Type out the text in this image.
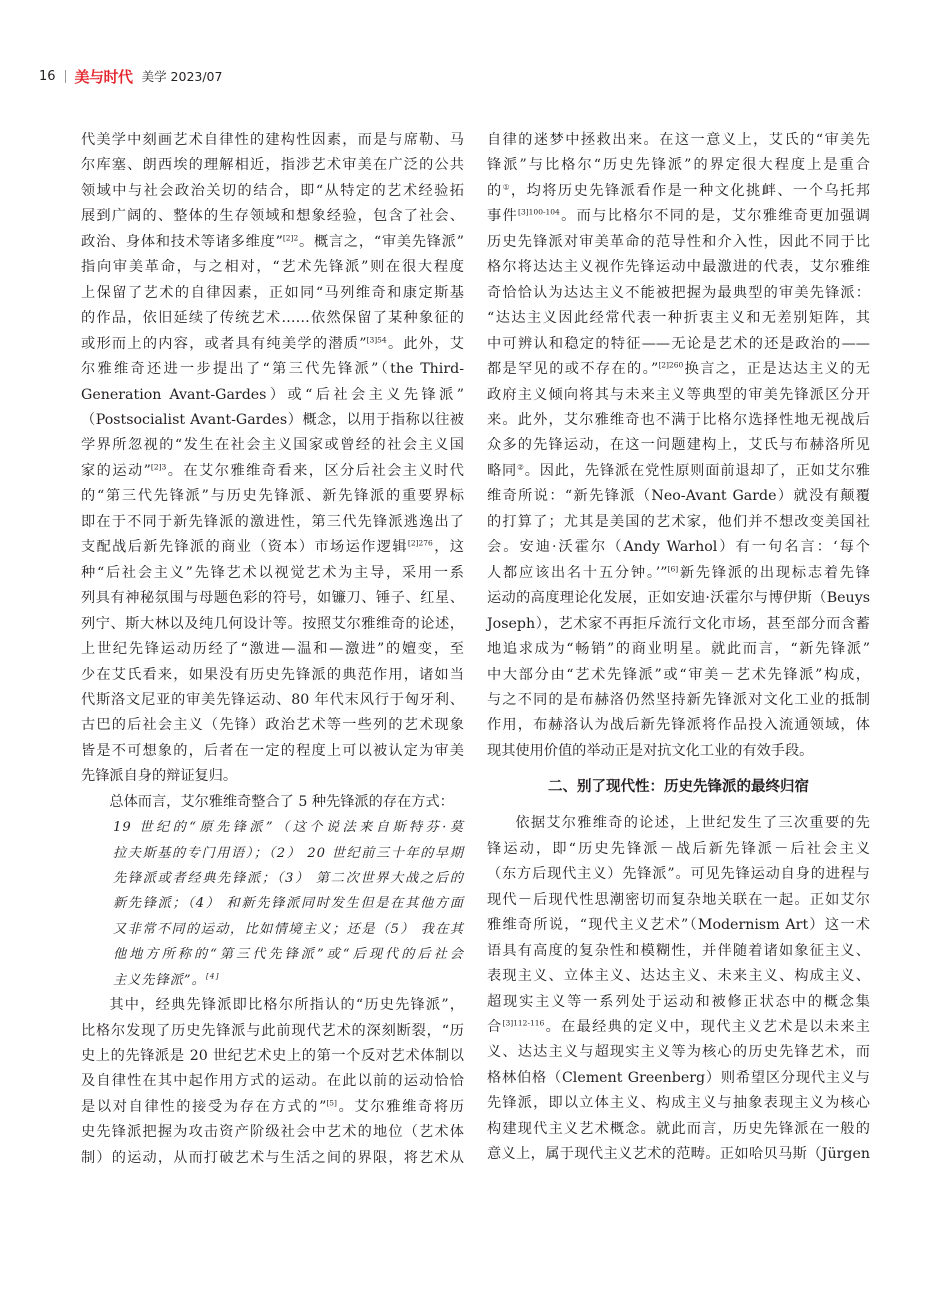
16 美与时代 美学 2023/07

代美学中刻画艺术自律性的建构性因素，而是与席勒、马

尔库塞、朗西埃的理解相近，指涉艺术审美在广泛的公共

领域中与社会政治关切的结合，即“从特定的艺术经验拓

展到广阔的、整体的生存领域和想象经验，包含了社会、

政治、身体和技术等诸多维度”$^{[2]2}$。概言之，“审美先锋派”

指向审美革命，与之相对，“艺术先锋派”则在很大程度

上保留了艺术的自律因素，正如同“马列维奇和康定斯基

的作品，依旧延续了传统艺术……依然保留了某种象征的

或形而上的内容，或者具有纯美学的潜质”$^{[3]54}$。此外，艾

尔雅维奇还进一步提出了“第三代先锋派”（the Third-

Generation Avant-Gardes）或“后社会主义先锋派”

（Postsocialist Avant-Gardes）概念，以用于指称以往被

学界所忽视的“发生在社会主义国家或曾经的社会主义国

家的运动”$^{[2]3}$。在艾尔雅维奇看来，区分后社会主义时代

的“第三代先锋派”与历史先锋派、新先锋派的重要界标

即在于不同于新先锋派的激进性，第三代先锋派逃逸出了

支配战后新先锋派的商业（资本）市场运作逻辑$^{[2]276}$，这

种“后社会主义”先锋艺术以视觉艺术为主导，采用一系

列具有神秘氛围与母题色彩的符号，如镰刀、锤子、红星、

列宁、斯大林以及纯几何设计等。按照艾尔雅维奇的论述，

上世纪先锋运动历经了“激进—温和—激进”的嬗变，至

少在艾氏看来，如果没有历史先锋派的典范作用，诸如当

代斯洛文尼亚的审美先锋运动、80 年代末风行于匈牙利、

古巴的后社会主义（先锋）政治艺术等一些列的艺术现象

皆是不可想象的，后者在一定的程度上可以被认定为审美

先锋派自身的辩证复归。

总体而言，艾尔雅维奇整合了 5 种先锋派的存在方式：

19 世纪的“原先锋派”（这个说法来自斯特芬·莫

拉夫斯基的专门用语）；（2） 20 世纪前三十年的早期

先锋派或者经典先锋派；（3） 第二次世界大战之后的

新先锋派；（4） 和新先锋派同时发生但是在其他方面

又非常不同的运动，比如情境主义；还是（5） 我在其

他地方所称的“第三代先锋派”或“后现代的后社会

主义先锋派”。[4]

其中，经典先锋派即比格尔所指认的“历史先锋派”，

比格尔发现了历史先锋派与此前现代艺术的深刻断裂，“历

史上的先锋派是 20 世纪艺术史上的第一个反对艺术体制以

及自律性在其中起作用方式的运动。在此以前的运动恰恰

是以对自律性的接受为存在方式的”[5]。艾尔雅维奇将历

史先锋派把握为攻击资产阶级社会中艺术的地位（艺术体

制）的运动，从而打破艺术与生活之间的界限，将艺术从

自律的迷梦中拯救出来。在这一意义上，艾氏的“审美先

锋派”与比格尔“历史先锋派”的界定很大程度上是重合

的①，均将历史先锋派看作是一种文化挑衅、一个乌托邦

事件$^{[3]100-104}$。而与比格尔不同的是，艾尔雅维奇更加强调

历史先锋派对审美革命的范导性和介入性，因此不同于比

格尔将达达主义视作先锋运动中最激进的代表，艾尔雅维

奇恰恰认为达达主义不能被把握为最典型的审美先锋派：

“达达主义因此经常代表一种折衷主义和无差别矩阵，其

中可辨认和稳定的特征——无论是艺术的还是政治的——

都是罕见的或不存在的。”$^{[2]260}$换言之，正是达达主义的无

政府主义倾向将其与未来主义等典型的审美先锋派区分开

来。此外，艾尔雅维奇也不满于比格尔选择性地无视战后

众多的先锋运动，在这一问题建构上，艾氏与布赫洛所见

略同②。因此，先锋派在党性原则面前退却了，正如艾尔雅

维奇所说：“新先锋派（Neo-Avant Garde）就没有颠覆

的打算了；尤其是美国的艺术家，他们并不想改变美国社

会。安迪·沃霍尔（Andy Warhol）有一句名言：‘每个

人都应该出名十五分钟。’”[6]新先锋派的出现标志着先锋

运动的高度理论化发展，正如安迪·沃霍尔与博伊斯（Beuys

Joseph），艺术家不再拒斥流行文化市场，甚至部分而含蓄

地追求成为“畅销”的商业明星。就此而言，“新先锋派”

中大部分由“艺术先锋派”或“审美－艺术先锋派”构成，

与之不同的是布赫洛仍然坚持新先锋派对文化工业的抵制

作用，布赫洛认为战后新先锋派将作品投入流通领域，体

现其使用价值的举动正是对抗文化工业的有效手段。

二、别了现代性：历史先锋派的最终归宿

依据艾尔雅维奇的论述，上世纪发生了三次重要的先

锋运动，即“历史先锋派－战后新先锋派－后社会主义

（东方后现代主义）先锋派”。可见先锋运动自身的进程与

现代－后现代性思潮密切而复杂地关联在一起。正如艾尔

雅维奇所说，“现代主义艺术”（Modernism Art）这一术

语具有高度的复杂性和模糊性，并伴随着诸如象征主义、

表现主义、立体主义、达达主义、未来主义、构成主义、

超现实主义等一系列处于运动和被修正状态中的概念集

合$^{[3]112-116}$。在最经典的定义中，现代主义艺术是以未来主

义、达达主义与超现实主义等为核心的历史先锋艺术，而

格林伯格（Clement Greenberg）则希望区分现代主义与

先锋派，即以立体主义、构成主义与抽象表现主义为核心

构建现代主义艺术概念。就此而言，历史先锋派在一般的

意义上，属于现代主义艺术的范畴。正如哈贝马斯（Jürgen
